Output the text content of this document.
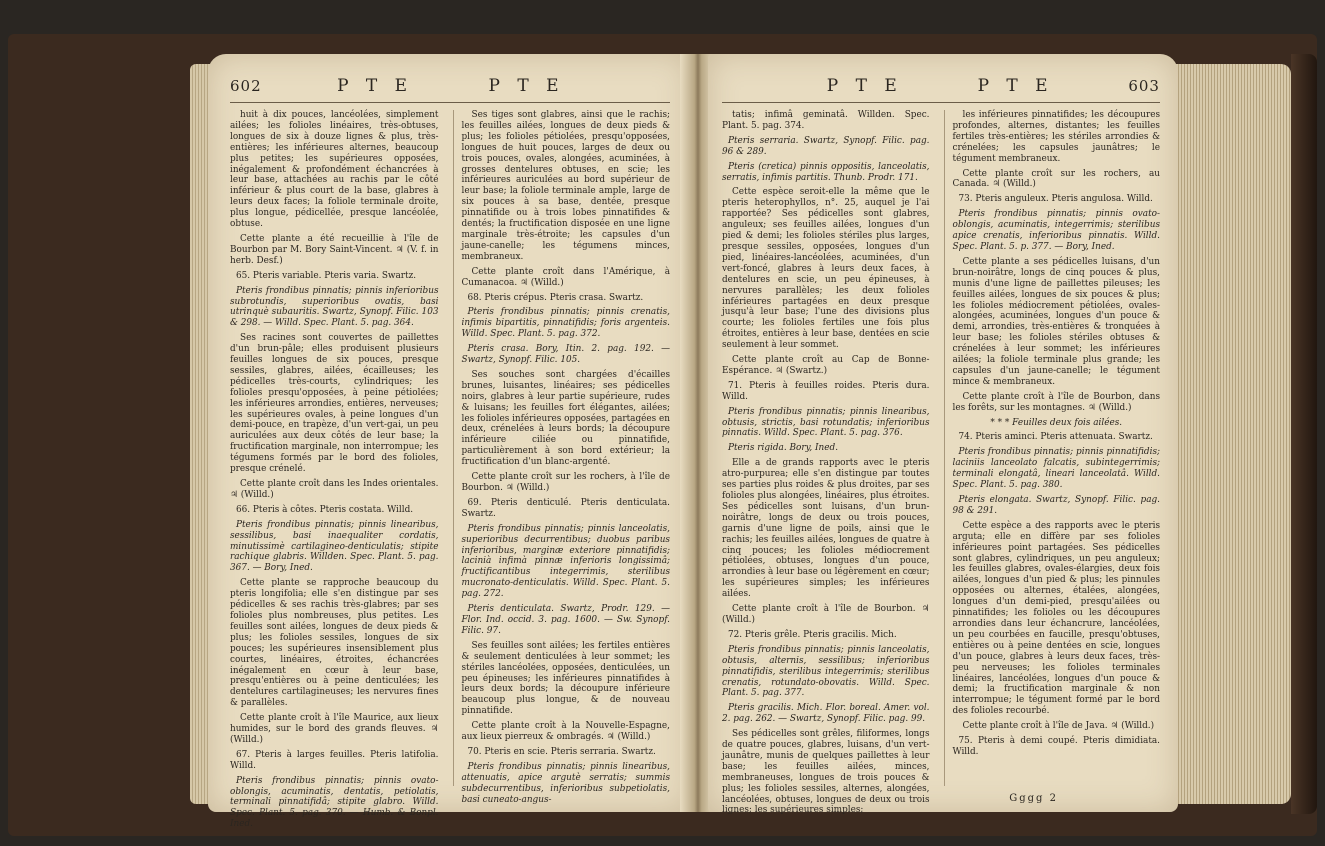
602	P T E	P T E

huit à dix pouces, lancéolées, simplement ailées; les folioles linéaires, très-obtuses, longues de six à douze lignes & plus, très-entières; les inférieures alternes, beaucoup plus petites; les supérieures opposées, inégalement & profondément échancrées à leur base, attachées au rachis par le côté inférieur & plus court de la base, glabres à leurs deux faces; la foliole terminale droite, plus longue, pédicellée, presque lancéolée, obtuse.

Cette plante a été recueillie à l'île de Bourbon par M. Bory Saint-Vincent. ♃ (V. f. in herb. Desf.)

65. Pteris variable. Pteris varia. Swartz.

Pteris frondibus pinnatis; pinnis inferioribus subrotundis, superioribus ovatis, basi utrinquè subauritis. Swartz, Synopf. Filic. 103 & 298. — Willd. Spec. Plant. 5. pag. 364.

Ses racines sont couvertes de paillettes d'un brun-pâle; elles produisent plusieurs feuilles longues de six pouces, presque sessiles, glabres, ailées, écailleuses; les pédicelles très-courts, cylindriques; les folioles presqu'opposées, à peine pétiolées; les inférieures arrondies, entières, nerveuses; les supérieures ovales, à peine longues d'un demi-pouce, en trapèze, d'un vert-gai, un peu auriculées aux deux côtés de leur base; la fructification marginale, non interrompue; les tégumens formés par le bord des folioles, presque crénelé.

Cette plante croît dans les Indes orientales. ♃ (Willd.)

66. Pteris à côtes. Pteris costata. Willd.

Pteris frondibus pinnatis; pinnis linearibus, sessilibus, basi inaequaliter cordatis, minutissimè cartilagineo-denticulatis; stipite rachique glabris. Willden. Spec. Plant. 5. pag. 367. — Bory, Ined.

Cette plante se rapproche beaucoup du pteris longifolia; elle s'en distingue par ses pédicelles & ses rachis très-glabres; par ses folioles plus nombreuses, plus petites. Les feuilles sont ailées, longues de deux pieds & plus; les folioles sessiles, longues de six pouces; les supérieures insensiblement plus courtes, linéaires, étroites, échancrées inégalement en cœur à leur base, presqu'entières ou à peine denticulées; les dentelures cartilagineuses; les nervures fines & parallèles.

Cette plante croît à l'île Maurice, aux lieux humides, sur le bord des grands fleuves. ♃ (Willd.)

67. Pteris à larges feuilles. Pteris latifolia. Willd.

Pteris frondibus pinnatis; pinnis ovato-oblongis, acuminatis, dentatis, petiolatis, terminali pinnatifidâ; stipite glabro. Willd. Spec. Plant. 5. pag. 370. — Humb. & Bonpl. Ined.

Ses tiges sont glabres, ainsi que le rachis; les feuilles ailées, longues de deux pieds & plus; les folioles pétiolées, presqu'opposées, longues de huit pouces, larges de deux ou trois pouces, ovales, alongées, acuminées, à grosses dentelures obtuses, en scie; les inférieures auriculées au bord supérieur de leur base; la foliole terminale ample, large de six pouces à sa base, dentée, presque pinnatifide ou à trois lobes pinnatifides & dentés; la fructification disposée en une ligne marginale très-étroite; les capsules d'un jaune-canelle; les tégumens minces, membraneux.

Cette plante croît dans l'Amérique, à Cumanacoa. ♃ (Willd.)

68. Pteris crépus. Pteris crasa. Swartz.

Pteris frondibus pinnatis; pinnis crenatis, infimis bipartitis, pinnatifidis; foris argenteis. Willd. Spec. Plant. 5. pag. 372.

Pteris crasa. Bory, Itin. 2. pag. 192. — Swartz, Synopf. Filic. 105.

Ses souches sont chargées d'écailles brunes, luisantes, linéaires; ses pédicelles noirs, glabres à leur partie supérieure, rudes & luisans; les feuilles fort élégantes, ailées; les folioles inférieures opposées, partagées en deux, crénelées à leurs bords; la découpure inférieure ciliée ou pinnatifide, particulièrement à son bord extérieur; la fructification d'un blanc-argenté.

Cette plante croît sur les rochers, à l'île de Bourbon. ♃ (Willd.)

69. Pteris denticulé. Pteris denticulata. Swartz.

Pteris frondibus pinnatis; pinnis lanceolatis, superioribus decurrentibus; duobus paribus inferioribus, marginæ exteriore pinnatifidis; lacinià infimà pinnæ inferioris longissimâ; fructificantibus integerrimis, sterilibus mucronato-denticulatis. Willd. Spec. Plant. 5. pag. 272.

Pteris denticulata. Swartz, Prodr. 129. — Flor. Ind. occid. 3. pag. 1600. — Sw. Synopf. Filic. 97.

Ses feuilles sont ailées; les fertiles entières & seulement denticulées à leur sommet; les stériles lancéolées, opposées, denticulées, un peu épineuses; les inférieures pinnatifides à leurs deux bords; la découpure inférieure beaucoup plus longue, & de nouveau pinnatifide.

Cette plante croît à la Nouvelle-Espagne, aux lieux pierreux & ombragés. ♃ (Willd.)

70. Pteris en scie. Pteris serraria. Swartz.

Pteris frondibus pinnatis; pinnis linearibus, attenuatis, apice argutè serratis; summis subdecurrentibus, inferioribus subpetiolatis, basi cuneato-angus-

P T E	P T E	603

tatis; infimâ geminatâ. Willden. Spec. Plant. 5. pag. 374.

Pteris serraria. Swartz, Synopf. Filic. pag. 96 & 289.

Pteris (cretica) pinnis oppositis, lanceolatis, serratis, infimis partitis. Thunb. Prodr. 171.

Cette espèce seroit-elle la même que le pteris heterophyllos, n°. 25, auquel je l'ai rapportée? Ses pédicelles sont glabres, anguleux; ses feuilles ailées, longues d'un pied & demi; les folioles stériles plus larges, presque sessiles, opposées, longues d'un pied, linéaires-lancéolées, acuminées, d'un vert-foncé, glabres à leurs deux faces, à dentelures en scie, un peu épineuses, à nervures parallèles; les deux folioles inférieures partagées en deux presque jusqu'à leur base; l'une des divisions plus courte; les folioles fertiles une fois plus étroites, entières à leur base, dentées en scie seulement à leur sommet.

Cette plante croît au Cap de Bonne-Espérance. ♃ (Swartz.)

71. Pteris à feuilles roides. Pteris dura. Willd.

Pteris frondibus pinnatis; pinnis linearibus, obtusis, strictis, basi rotundatis; inferioribus pinnatis. Willd. Spec. Plant. 5. pag. 376.

Pteris rigida. Bory, Ined.

Elle a de grands rapports avec le pteris atro-purpurea; elle s'en distingue par toutes ses parties plus roides & plus droites, par ses folioles plus alongées, linéaires, plus étroites. Ses pédicelles sont luisans, d'un brun-noirâtre, longs de deux ou trois pouces, garnis d'une ligne de poils, ainsi que le rachis; les feuilles ailées, longues de quatre à cinq pouces; les folioles médiocrement pétiolées, obtuses, longues d'un pouce, arrondies à leur base ou légèrement en cœur; les supérieures simples; les inférieures ailées.

Cette plante croît à l'île de Bourbon. ♃ (Willd.)

72. Pteris grêle. Pteris gracilis. Mich.

Pteris frondibus pinnatis; pinnis lanceolatis, obtusis, alternis, sessilibus; inferioribus pinnatifidis, sterilibus integerrimis; sterilibus crenatis, rotundato-obovatis. Willd. Spec. Plant. 5. pag. 377.

Pteris gracilis. Mich. Flor. boreal. Amer. vol. 2. pag. 262. — Swartz, Synopf. Filic. pag. 99.

Ses pédicelles sont grêles, filiformes, longs de quatre pouces, glabres, luisans, d'un vert-jaunâtre, munis de quelques paillettes à leur base; les feuilles ailées, minces, membraneuses, longues de trois pouces & plus; les folioles sessiles, alternes, alongées, lancéolées, obtuses, longues de deux ou trois lignes; les supérieures simples;

les inférieures pinnatifides; les découpures profondes, alternes, distantes; les feuilles fertiles très-entières; les stériles arrondies & crénelées; les capsules jaunâtres; le tégument membraneux.

Cette plante croît sur les rochers, au Canada. ♃ (Willd.)

73. Pteris anguleux. Pteris angulosa. Willd.

Pteris frondibus pinnatis; pinnis ovato-oblongis, acuminatis, integerrimis; sterilibus apice crenatis, inferioribus pinnatis. Willd. Spec. Plant. 5. p. 377. — Bory, Ined.

Cette plante a ses pédicelles luisans, d'un brun-noirâtre, longs de cinq pouces & plus, munis d'une ligne de paillettes pileuses; les feuilles ailées, longues de six pouces & plus; les folioles médiocrement pétiolées, ovales-alongées, acuminées, longues d'un pouce & demi, arrondies, très-entières & tronquées à leur base; les folioles stériles obtuses & crénelées à leur sommet; les inférieures ailées; la foliole terminale plus grande; les capsules d'un jaune-canelle; le tégument mince & membraneux.

Cette plante croît à l'île de Bourbon, dans les forêts, sur les montagnes. ♃ (Willd.)

* * * Feuilles deux fois ailées.

74. Pteris aminci. Pteris attenuata. Swartz.

Pteris frondibus pinnatis; pinnis pinnatifidis; laciniis lanceolato falcatis, subintegerrimis; terminali elongatâ, lineari lanceolatâ. Willd. Spec. Plant. 5. pag. 380.

Pteris elongata. Swartz, Synopf. Filic. pag. 98 & 291.

Cette espèce a des rapports avec le pteris arguta; elle en diffère par ses folioles inférieures point partagées. Ses pédicelles sont glabres, cylindriques, un peu anguleux; les feuilles glabres, ovales-élargies, deux fois ailées, longues d'un pied & plus; les pinnules opposées ou alternes, étalées, alongées, longues d'un demi-pied, presqu'ailées ou pinnatifides; les folioles ou les découpures arrondies dans leur échancrure, lancéolées, un peu courbées en faucille, presqu'obtuses, entières ou à peine dentées en scie, longues d'un pouce, glabres à leurs deux faces, très-peu nerveuses; les folioles terminales linéaires, lancéolées, longues d'un pouce & demi; la fructification marginale & non interrompue; le tégument formé par le bord des folioles recourbé.

Cette plante croît à l'île de Java. ♃ (Willd.)

75. Pteris à demi coupé. Pteris dimidiata. Willd.

Gggg 2
